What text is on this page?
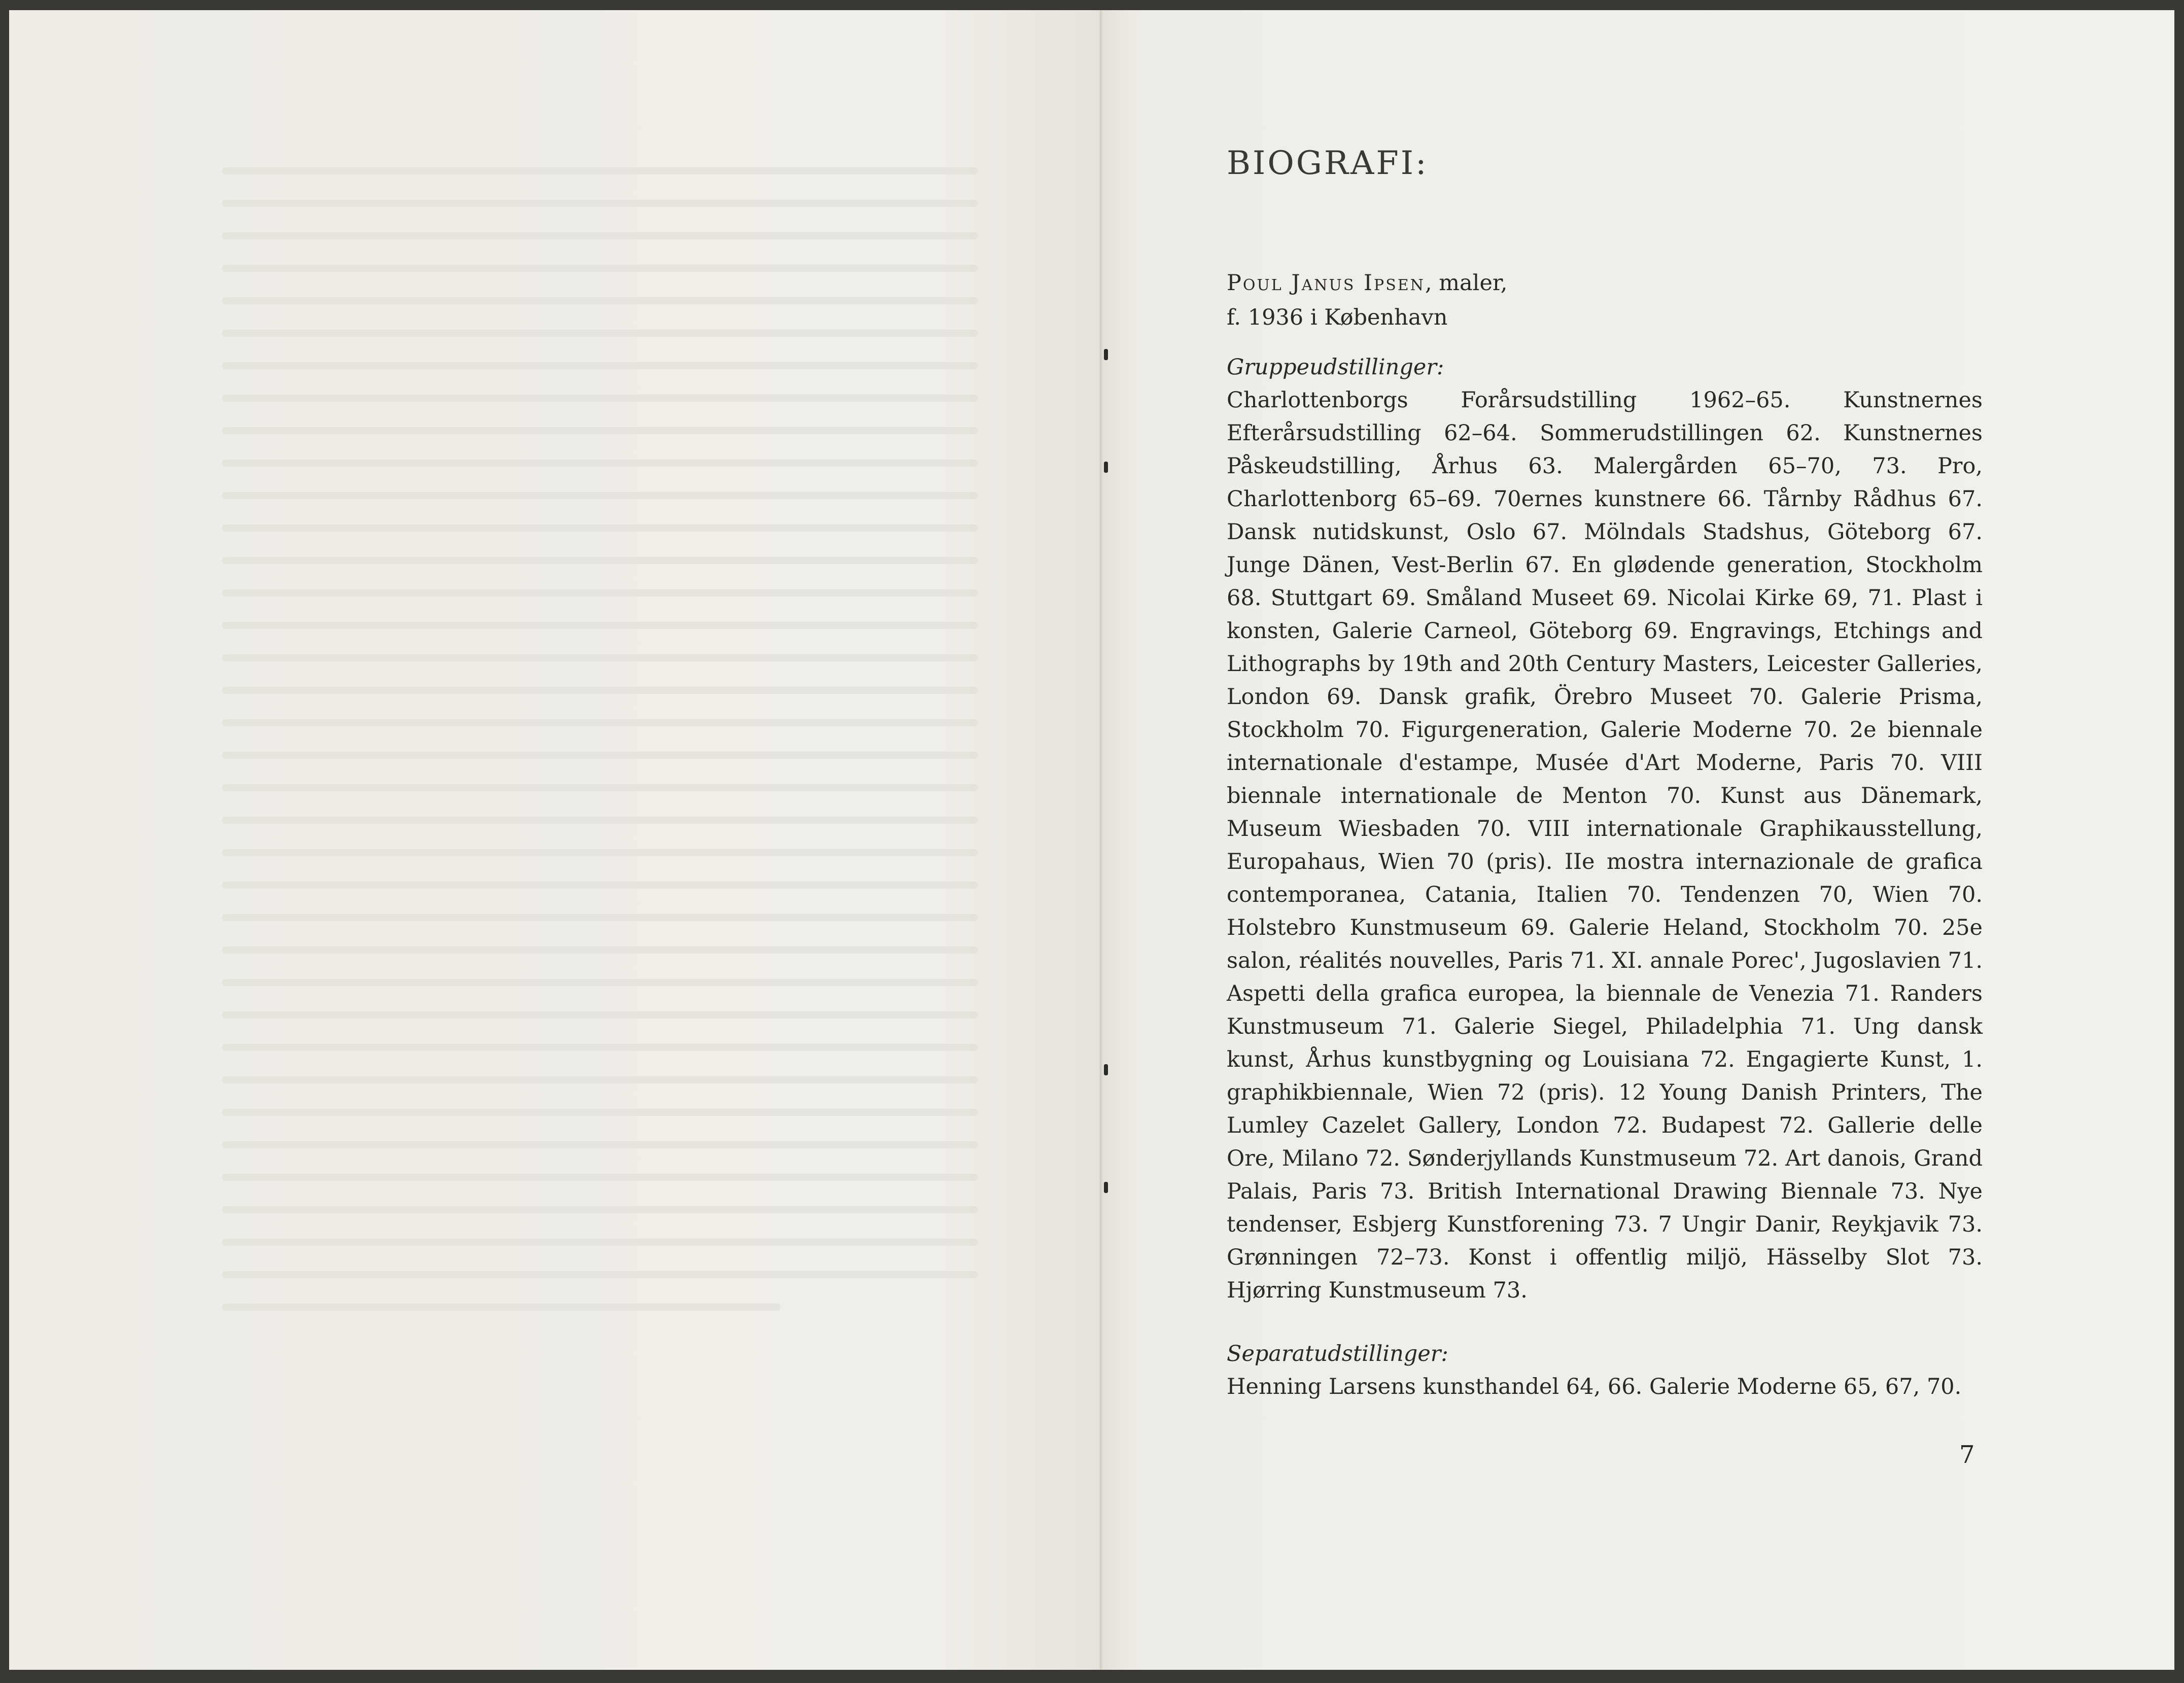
BIOGRAFI:

Poul Janus Ipsen, maler,

f. 1936 i København

Gruppeudstillinger:

Charlottenborgs Forårsudstilling 1962–65. Kunstnernes Efterårsudstilling 62–64. Sommerudstillingen 62. Kunstnernes Påskeudstilling, Århus 63. Malergården 65–70, 73. Pro, Charlottenborg 65–69. 70ernes kunstnere 66. Tårnby Rådhus 67. Dansk nutidskunst, Oslo 67. Mölndals Stadshus, Göteborg 67. Junge Dänen, Vest-Berlin 67. En glødende generation, Stockholm 68. Stuttgart 69. Småland Museet 69. Nicolai Kirke 69, 71. Plast i konsten, Galerie Carneol, Göteborg 69. Engravings, Etchings and Lithographs by 19th and 20th Century Masters, Leicester Galleries, London 69. Dansk grafik, Örebro Museet 70. Galerie Prisma, Stockholm 70. Figurgeneration, Galerie Moderne 70. 2e biennale internationale d'estampe, Musée d'Art Moderne, Paris 70. VIII biennale internationale de Menton 70. Kunst aus Dänemark, Museum Wiesbaden 70. VIII internationale Graphikausstellung, Europahaus, Wien 70 (pris). IIe mostra internazionale de grafica contemporanea, Catania, Italien 70. Tendenzen 70, Wien 70. Holstebro Kunstmuseum 69. Galerie Heland, Stockholm 70. 25e salon, réalités nouvelles, Paris 71. XI. annale Porec', Jugoslavien 71. Aspetti della grafica europea, la biennale de Venezia 71. Randers Kunstmuseum 71. Galerie Siegel, Philadelphia 71. Ung dansk kunst, Århus kunstbygning og Louisiana 72. Engagierte Kunst, 1. graphikbiennale, Wien 72 (pris). 12 Young Danish Printers, The Lumley Cazelet Gallery, London 72. Budapest 72. Gallerie delle Ore, Milano 72. Sønderjyllands Kunstmuseum 72. Art danois, Grand Palais, Paris 73. British International Drawing Biennale 73. Nye tendenser, Esbjerg Kunstforening 73. 7 Ungir Danir, Reykjavik 73. Grønningen 72–73. Konst i offentlig miljö, Hässelby Slot 73. Hjørring Kunstmuseum 73.

Separatudstillinger:

Henning Larsens kunsthandel 64, 66. Galerie Moderne 65, 67, 70.

7
